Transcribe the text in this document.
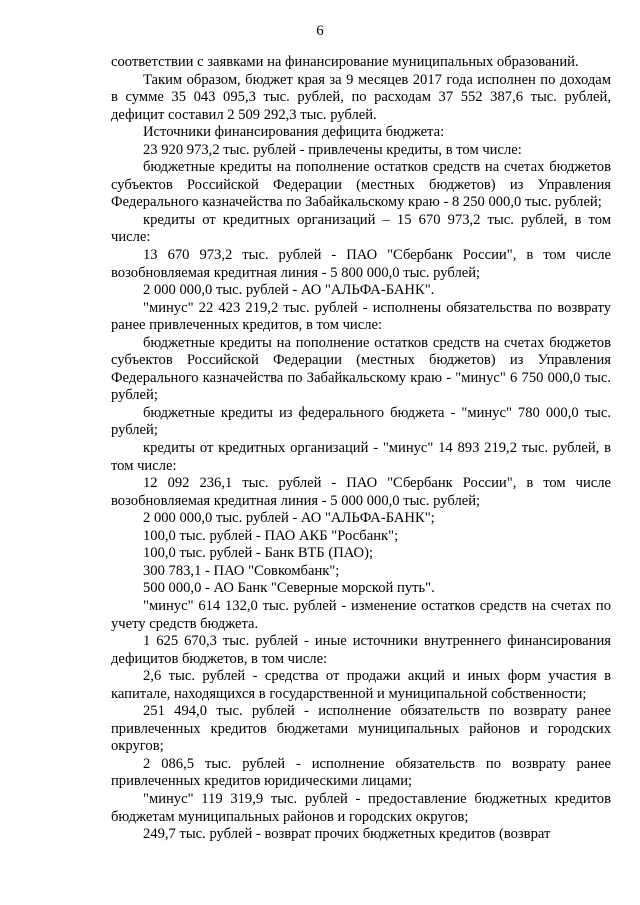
6

соответствии с заявками на финансирование муниципальных образований.

Таким образом, бюджет края за 9 месяцев 2017 года исполнен по доходам в сумме 35 043 095,3 тыс. рублей, по расходам 37 552 387,6 тыс. рублей, дефицит составил 2 509 292,3 тыс. рублей.

Источники финансирования дефицита бюджета:

23 920 973,2 тыс. рублей - привлечены кредиты, в том числе:

бюджетные кредиты на пополнение остатков средств на счетах бюджетов субъектов Российской Федерации (местных бюджетов) из Управления Федерального казначейства по Забайкальскому краю - 8 250 000,0 тыс. рублей;

кредиты от кредитных организаций – 15 670 973,2 тыс. рублей, в том числе:

13 670 973,2 тыс. рублей - ПАО "Сбербанк России", в том числе возобновляемая кредитная линия - 5 800 000,0 тыс. рублей;

2 000 000,0 тыс. рублей - АО "АЛЬФА-БАНК".

"минус" 22 423 219,2 тыс. рублей - исполнены обязательства по возврату ранее привлеченных кредитов, в том числе:

бюджетные кредиты на пополнение остатков средств на счетах бюджетов субъектов Российской Федерации (местных бюджетов) из Управления Федерального казначейства по Забайкальскому краю - "минус" 6 750 000,0 тыс. рублей;

бюджетные кредиты из федерального бюджета - "минус" 780 000,0 тыс. рублей;

кредиты от кредитных организаций - "минус" 14 893 219,2 тыс. рублей, в том числе:

12 092 236,1 тыс. рублей - ПАО "Сбербанк России", в том числе возобновляемая кредитная линия - 5 000 000,0 тыс. рублей;

2 000 000,0 тыс. рублей - АО "АЛЬФА-БАНК";

100,0 тыс. рублей - ПАО АКБ "Росбанк";

100,0 тыс. рублей - Банк ВТБ (ПАО);

300 783,1 - ПАО "Совкомбанк";

500 000,0 - АО Банк "Северные морской путь".

"минус" 614 132,0 тыс. рублей - изменение остатков средств на счетах по учету средств бюджета.

1 625 670,3 тыс. рублей - иные источники внутреннего финансирования дефицитов бюджетов, в том числе:

2,6 тыс. рублей - средства от продажи акций и иных форм участия в капитале, находящихся в государственной и муниципальной собственности;

251 494,0 тыс. рублей - исполнение обязательств по возврату ранее привлеченных кредитов бюджетами муниципальных районов и городских округов;

2 086,5 тыс. рублей - исполнение обязательств по возврату ранее привлеченных кредитов юридическими лицами;

"минус" 119 319,9 тыс. рублей - предоставление бюджетных кредитов бюджетам муниципальных районов и городских округов;

249,7 тыс. рублей - возврат прочих бюджетных кредитов (возврат
